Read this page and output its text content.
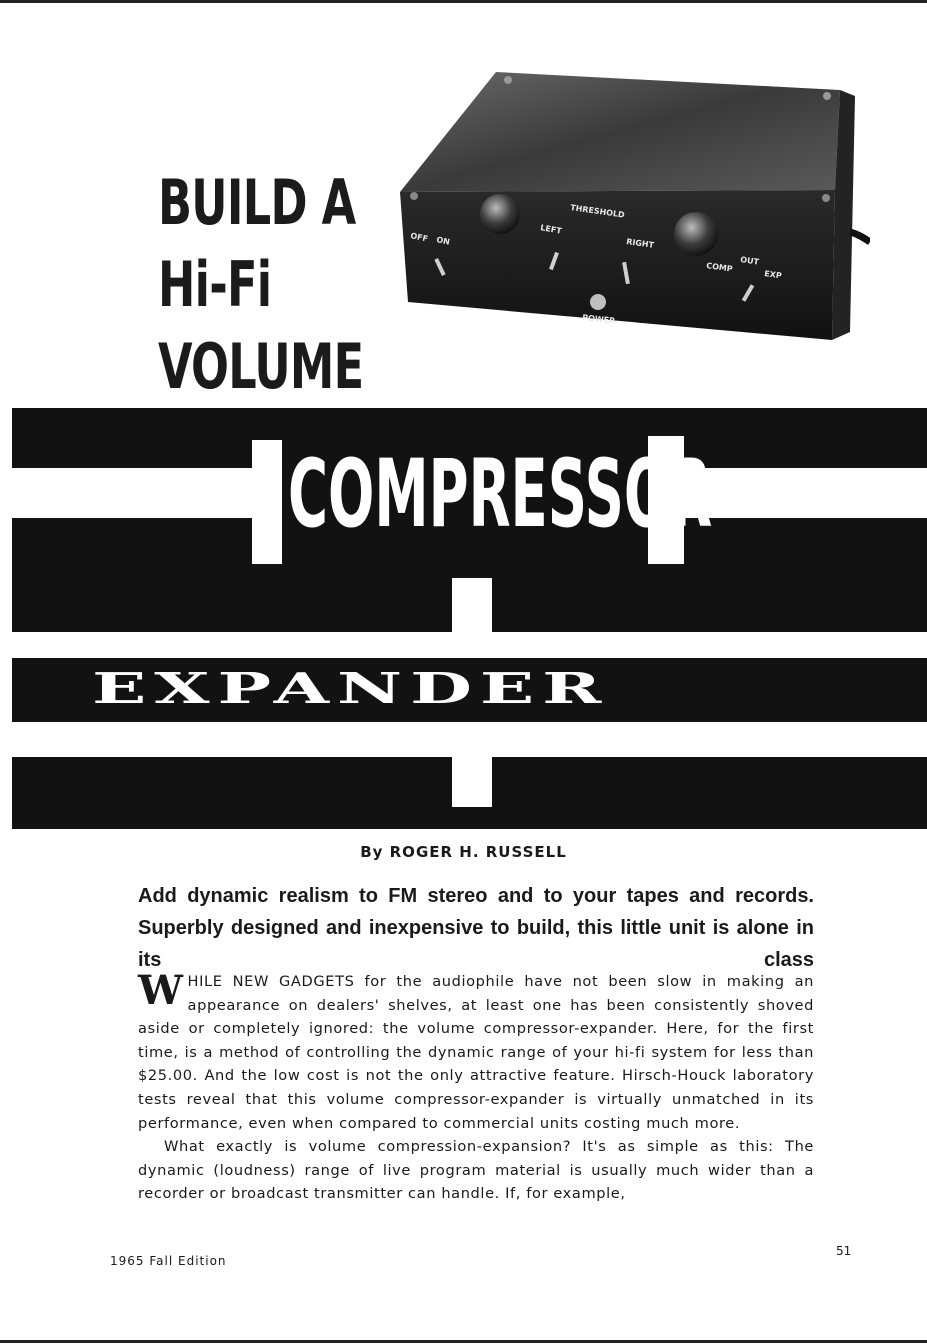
BUILD A
Hi-Fi
VOLUME
OFF ON
LEFT
THRESHOLD
RIGHT
COMP
OUT
EXP
POWER
COMPRESSOR
EXPANDER
By ROGER H. RUSSELL

Add dynamic realism to FM stereo and to your tapes and records. Superbly designed and inexpensive to build, this little unit is alone in its class

WHILE NEW GADGETS for the audiophile have not been slow in making an appearance on dealers' shelves, at least one has been consistently shoved aside or completely ignored: the volume compressor-expander. Here, for the first time, is a method of controlling the dynamic range of your hi-fi system for less than $25.00. And the low cost is not the only attractive feature. Hirsch-Houck laboratory tests reveal that this volume compressor-expander is virtually unmatched in its performance, even when compared to commercial units costing much more.

What exactly is volume compression-expansion? It's as simple as this: The dynamic (loudness) range of live program material is usually much wider than a recorder or broadcast transmitter can handle. If, for example,

1965 Fall Edition
51
